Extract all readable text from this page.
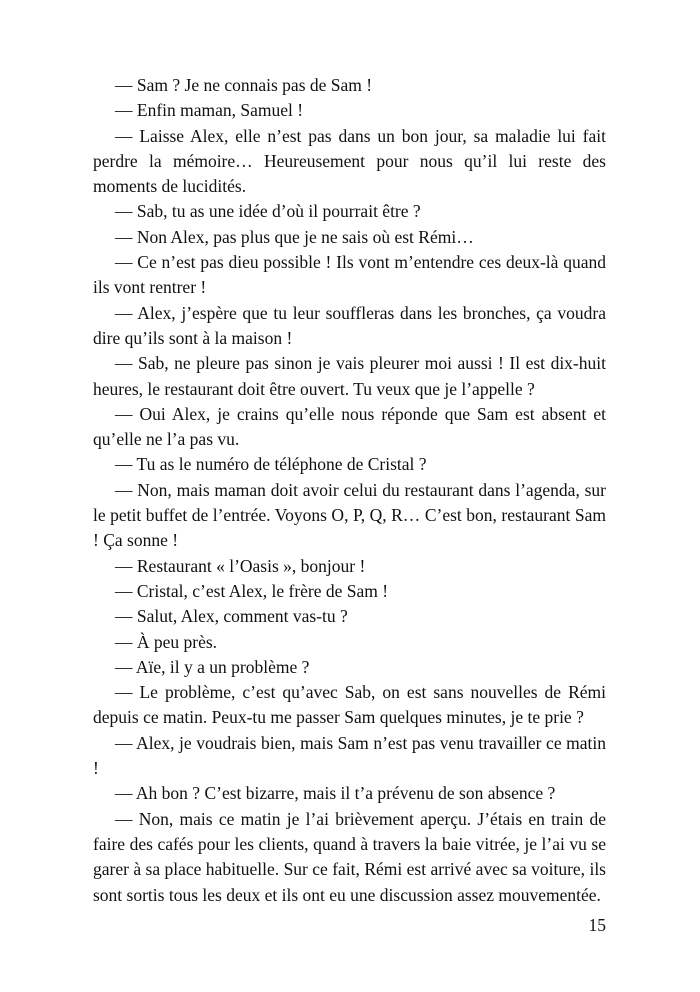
— Sam ? Je ne connais pas de Sam !

— Enfin maman, Samuel !

— Laisse Alex, elle n’est pas dans un bon jour, sa maladie lui fait perdre la mémoire… Heureusement pour nous qu’il lui reste des moments de lucidités.

— Sab, tu as une idée d’où il pourrait être ?

— Non Alex, pas plus que je ne sais où est Rémi…

— Ce n’est pas dieu possible ! Ils vont m’entendre ces deux-là quand ils vont rentrer !

— Alex, j’espère que tu leur souffleras dans les bronches, ça voudra dire qu’ils sont à la maison !

— Sab, ne pleure pas sinon je vais pleurer moi aussi ! Il est dix-huit heures, le restaurant doit être ouvert. Tu veux que je l’appelle ?

— Oui Alex, je crains qu’elle nous réponde que Sam est absent et qu’elle ne l’a pas vu.

— Tu as le numéro de téléphone de Cristal ?

— Non, mais maman doit avoir celui du restaurant dans l’agenda, sur le petit buffet de l’entrée. Voyons O, P, Q, R… C’est bon, restaurant Sam ! Ça sonne !

— Restaurant « l’Oasis », bonjour !

— Cristal, c’est Alex, le frère de Sam !

— Salut, Alex, comment vas-tu ?

— À peu près.

— Aïe, il y a un problème ?

— Le problème, c’est qu’avec Sab, on est sans nouvelles de Rémi depuis ce matin. Peux-tu me passer Sam quelques minutes, je te prie ?

— Alex, je voudrais bien, mais Sam n’est pas venu travailler ce matin !

— Ah bon ? C’est bizarre, mais il t’a prévenu de son absence ?

— Non, mais ce matin je l’ai brièvement aperçu. J’étais en train de faire des cafés pour les clients, quand à travers la baie vitrée, je l’ai vu se garer à sa place habituelle. Sur ce fait, Rémi est arrivé avec sa voiture, ils sont sortis tous les deux et ils ont eu une discussion assez mouvementée.

15
